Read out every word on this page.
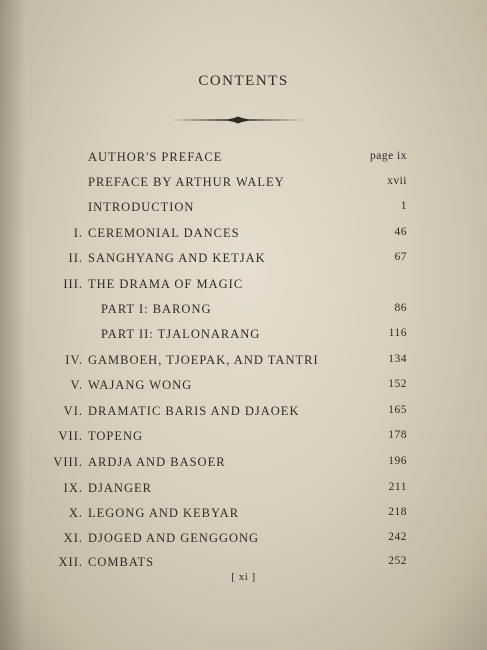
CONTENTS
AUTHOR'S PREFACE	page ix
PREFACE BY ARTHUR WALEY	xvii
INTRODUCTION	1
I. CEREMONIAL DANCES	46
II. SANGHYANG AND KETJAK	67
III. THE DRAMA OF MAGIC
PART I: BARONG	86
PART II: TJALONARANG	116
IV. GAMBOEH, TJOEPAK, AND TANTRI	134
V. WAJANG WONG	152
VI. DRAMATIC BARIS AND DJAOEK	165
VII. TOPENG	178
VIII. ARDJA AND BASOER	196
IX. DJANGER	211
X. LEGONG AND KEBYAR	218
XI. DJOGED AND GENGGONG	242
XII. COMBATS	252
[ xi ]
